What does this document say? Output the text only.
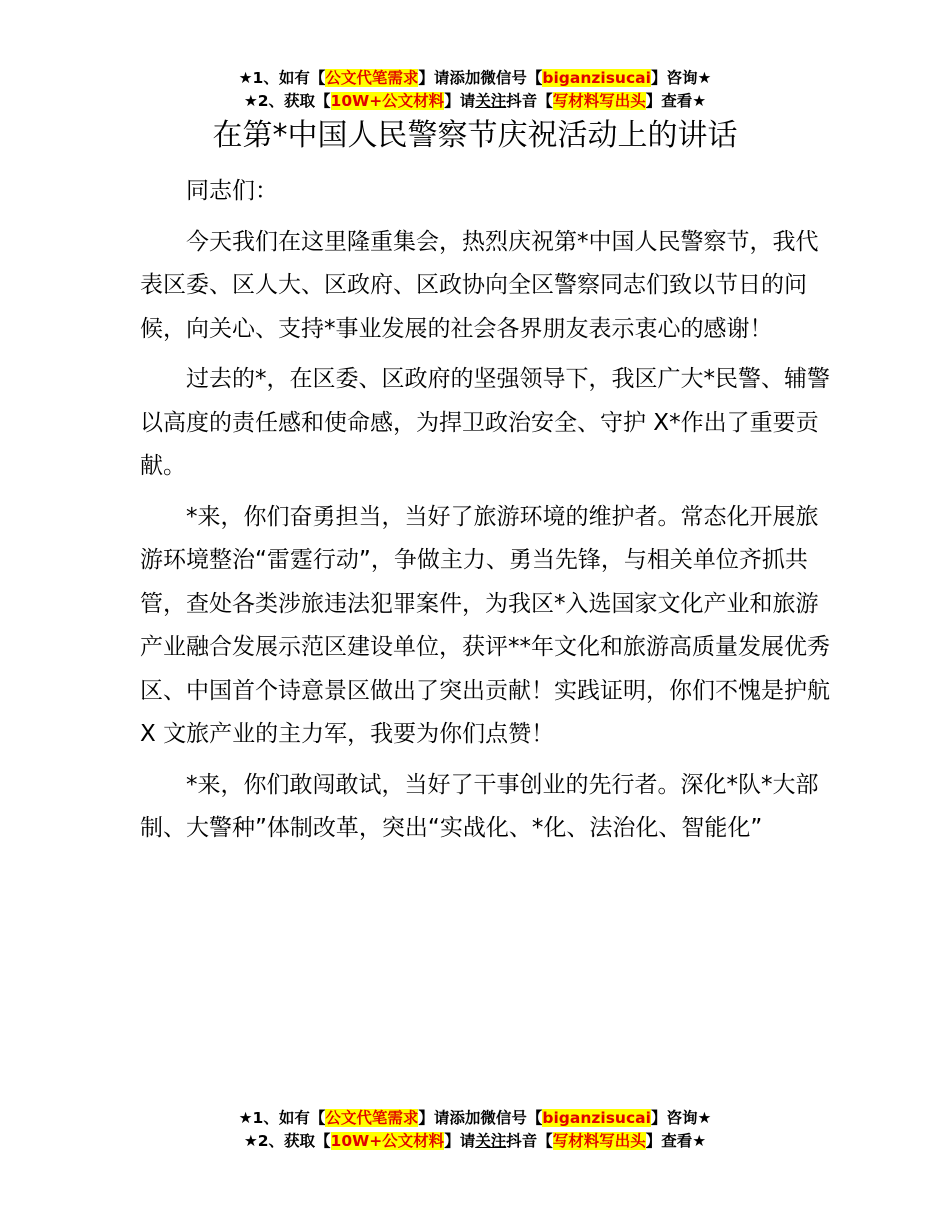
★1、如有【公文代笔需求】请添加微信号【biganzisucai】咨询★
★2、获取【10W+公文材料】请关注抖音【写材料写出头】查看★
在第*中国人民警察节庆祝活动上的讲话

同志们：

今天我们在这里隆重集会，热烈庆祝第*中国人民警察节，我代表区委、区人大、区政府、区政协向全区警察同志们致以节日的问候，向关心、支持*事业发展的社会各界朋友表示衷心的感谢！

过去的*，在区委、区政府的坚强领导下，我区广大*民警、辅警以高度的责任感和使命感，为捍卫政治安全、守护 X*作出了重要贡献。

*来，你们奋勇担当，当好了旅游环境的维护者。常态化开展旅游环境整治“雷霆行动”，争做主力、勇当先锋，与相关单位齐抓共管，查处各类涉旅违法犯罪案件，为我区*入选国家文化产业和旅游产业融合发展示范区建设单位，获评**年文化和旅游高质量发展优秀区、中国首个诗意景区做出了突出贡献！实践证明，你们不愧是护航 X 文旅产业的主力军，我要为你们点赞！

*来，你们敢闯敢试，当好了干事创业的先行者。深化*队*大部制、大警种”体制改革，突出“实战化、*化、法治化、智能化”

★1、如有【公文代笔需求】请添加微信号【biganzisucai】咨询★
★2、获取【10W+公文材料】请关注抖音【写材料写出头】查看★
